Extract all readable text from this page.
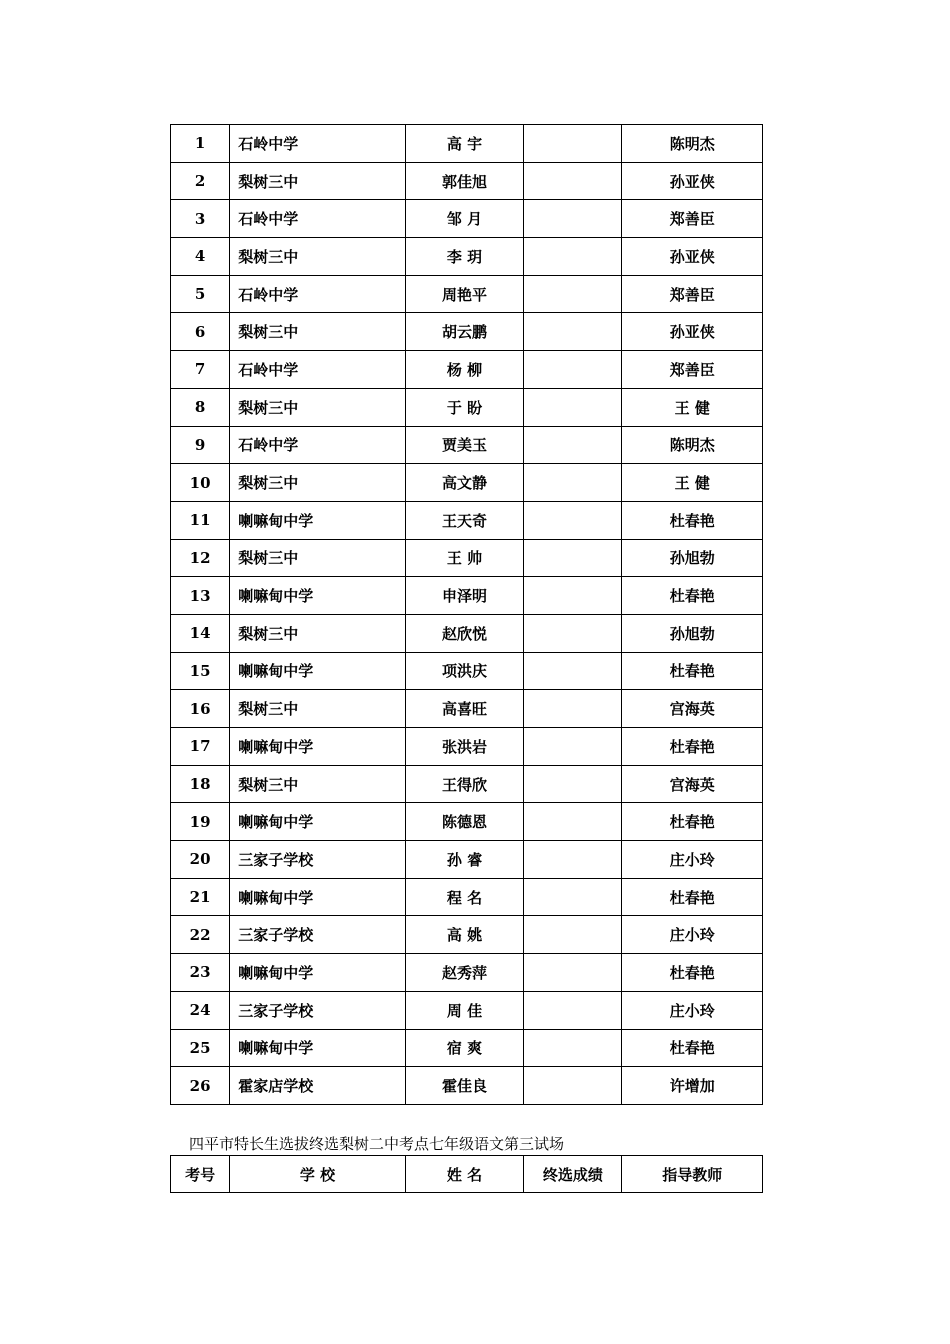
1	石岭中学	高 宇		陈明杰
2	梨树三中	郭佳旭		孙亚侠
3	石岭中学	邹 月		郑善臣
4	梨树三中	李 玥		孙亚侠
5	石岭中学	周艳平		郑善臣
6	梨树三中	胡云鹏		孙亚侠
7	石岭中学	杨 柳		郑善臣
8	梨树三中	于 盼		王 健
9	石岭中学	贾美玉		陈明杰
10	梨树三中	高文静		王 健
11	喇嘛甸中学	王天奇		杜春艳
12	梨树三中	王 帅		孙旭勃
13	喇嘛甸中学	申泽明		杜春艳
14	梨树三中	赵欣悦		孙旭勃
15	喇嘛甸中学	项洪庆		杜春艳
16	梨树三中	高喜旺		宫海英
17	喇嘛甸中学	张洪岩		杜春艳
18	梨树三中	王得欣		宫海英
19	喇嘛甸中学	陈德恩		杜春艳
20	三家子学校	孙 睿		庄小玲
21	喇嘛甸中学	程 名		杜春艳
22	三家子学校	高 姚		庄小玲
23	喇嘛甸中学	赵秀萍		杜春艳
24	三家子学校	周 佳		庄小玲
25	喇嘛甸中学	宿 爽		杜春艳
26	霍家店学校	霍佳良		许增加
四平市特长生选拔终选梨树二中考点七年级语文第三试场
考号	学 校	姓 名	终选成绩	指导教师
